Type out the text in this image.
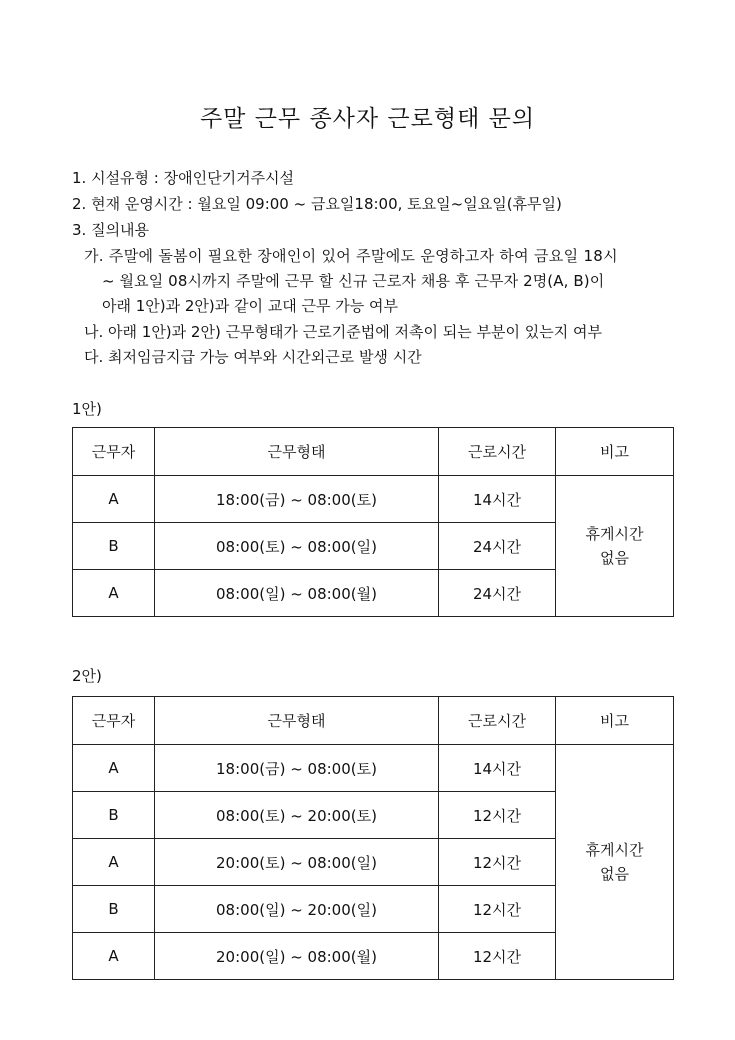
주말 근무 종사자 근로형태 문의
1. 시설유형 : 장애인단기거주시설
2. 현재 운영시간 : 월요일 09:00 ~ 금요일18:00, 토요일~일요일(휴무일)
3. 질의내용
가. 주말에 돌봄이 필요한 장애인이 있어 주말에도 운영하고자 하여 금요일 18시
~ 월요일 08시까지 주말에 근무 할 신규 근로자 채용 후 근무자 2명(A, B)이
아래 1안)과 2안)과 같이 교대 근무 가능 여부
나. 아래 1안)과 2안) 근무형태가 근로기준법에 저촉이 되는 부분이 있는지 여부
다. 최저임금지급 가능 여부와 시간외근로 발생 시간
1안)
근무자	근무형태	근로시간	비고
A	18:00(금) ~ 08:00(토)	14시간	휴게시간
없음

B	08:00(토) ~ 08:00(일)	24시간	
A	08:00(일) ~ 08:00(월)	24시간	
2안)
근무자	근무형태	근로시간	비고
A	18:00(금) ~ 08:00(토)	14시간	휴게시간
없음

B	08:00(토) ~ 20:00(토)	12시간	
A	20:00(토) ~ 08:00(일)	12시간	
B	08:00(일) ~ 20:00(일)	12시간	
A	20:00(일) ~ 08:00(월)	12시간	
